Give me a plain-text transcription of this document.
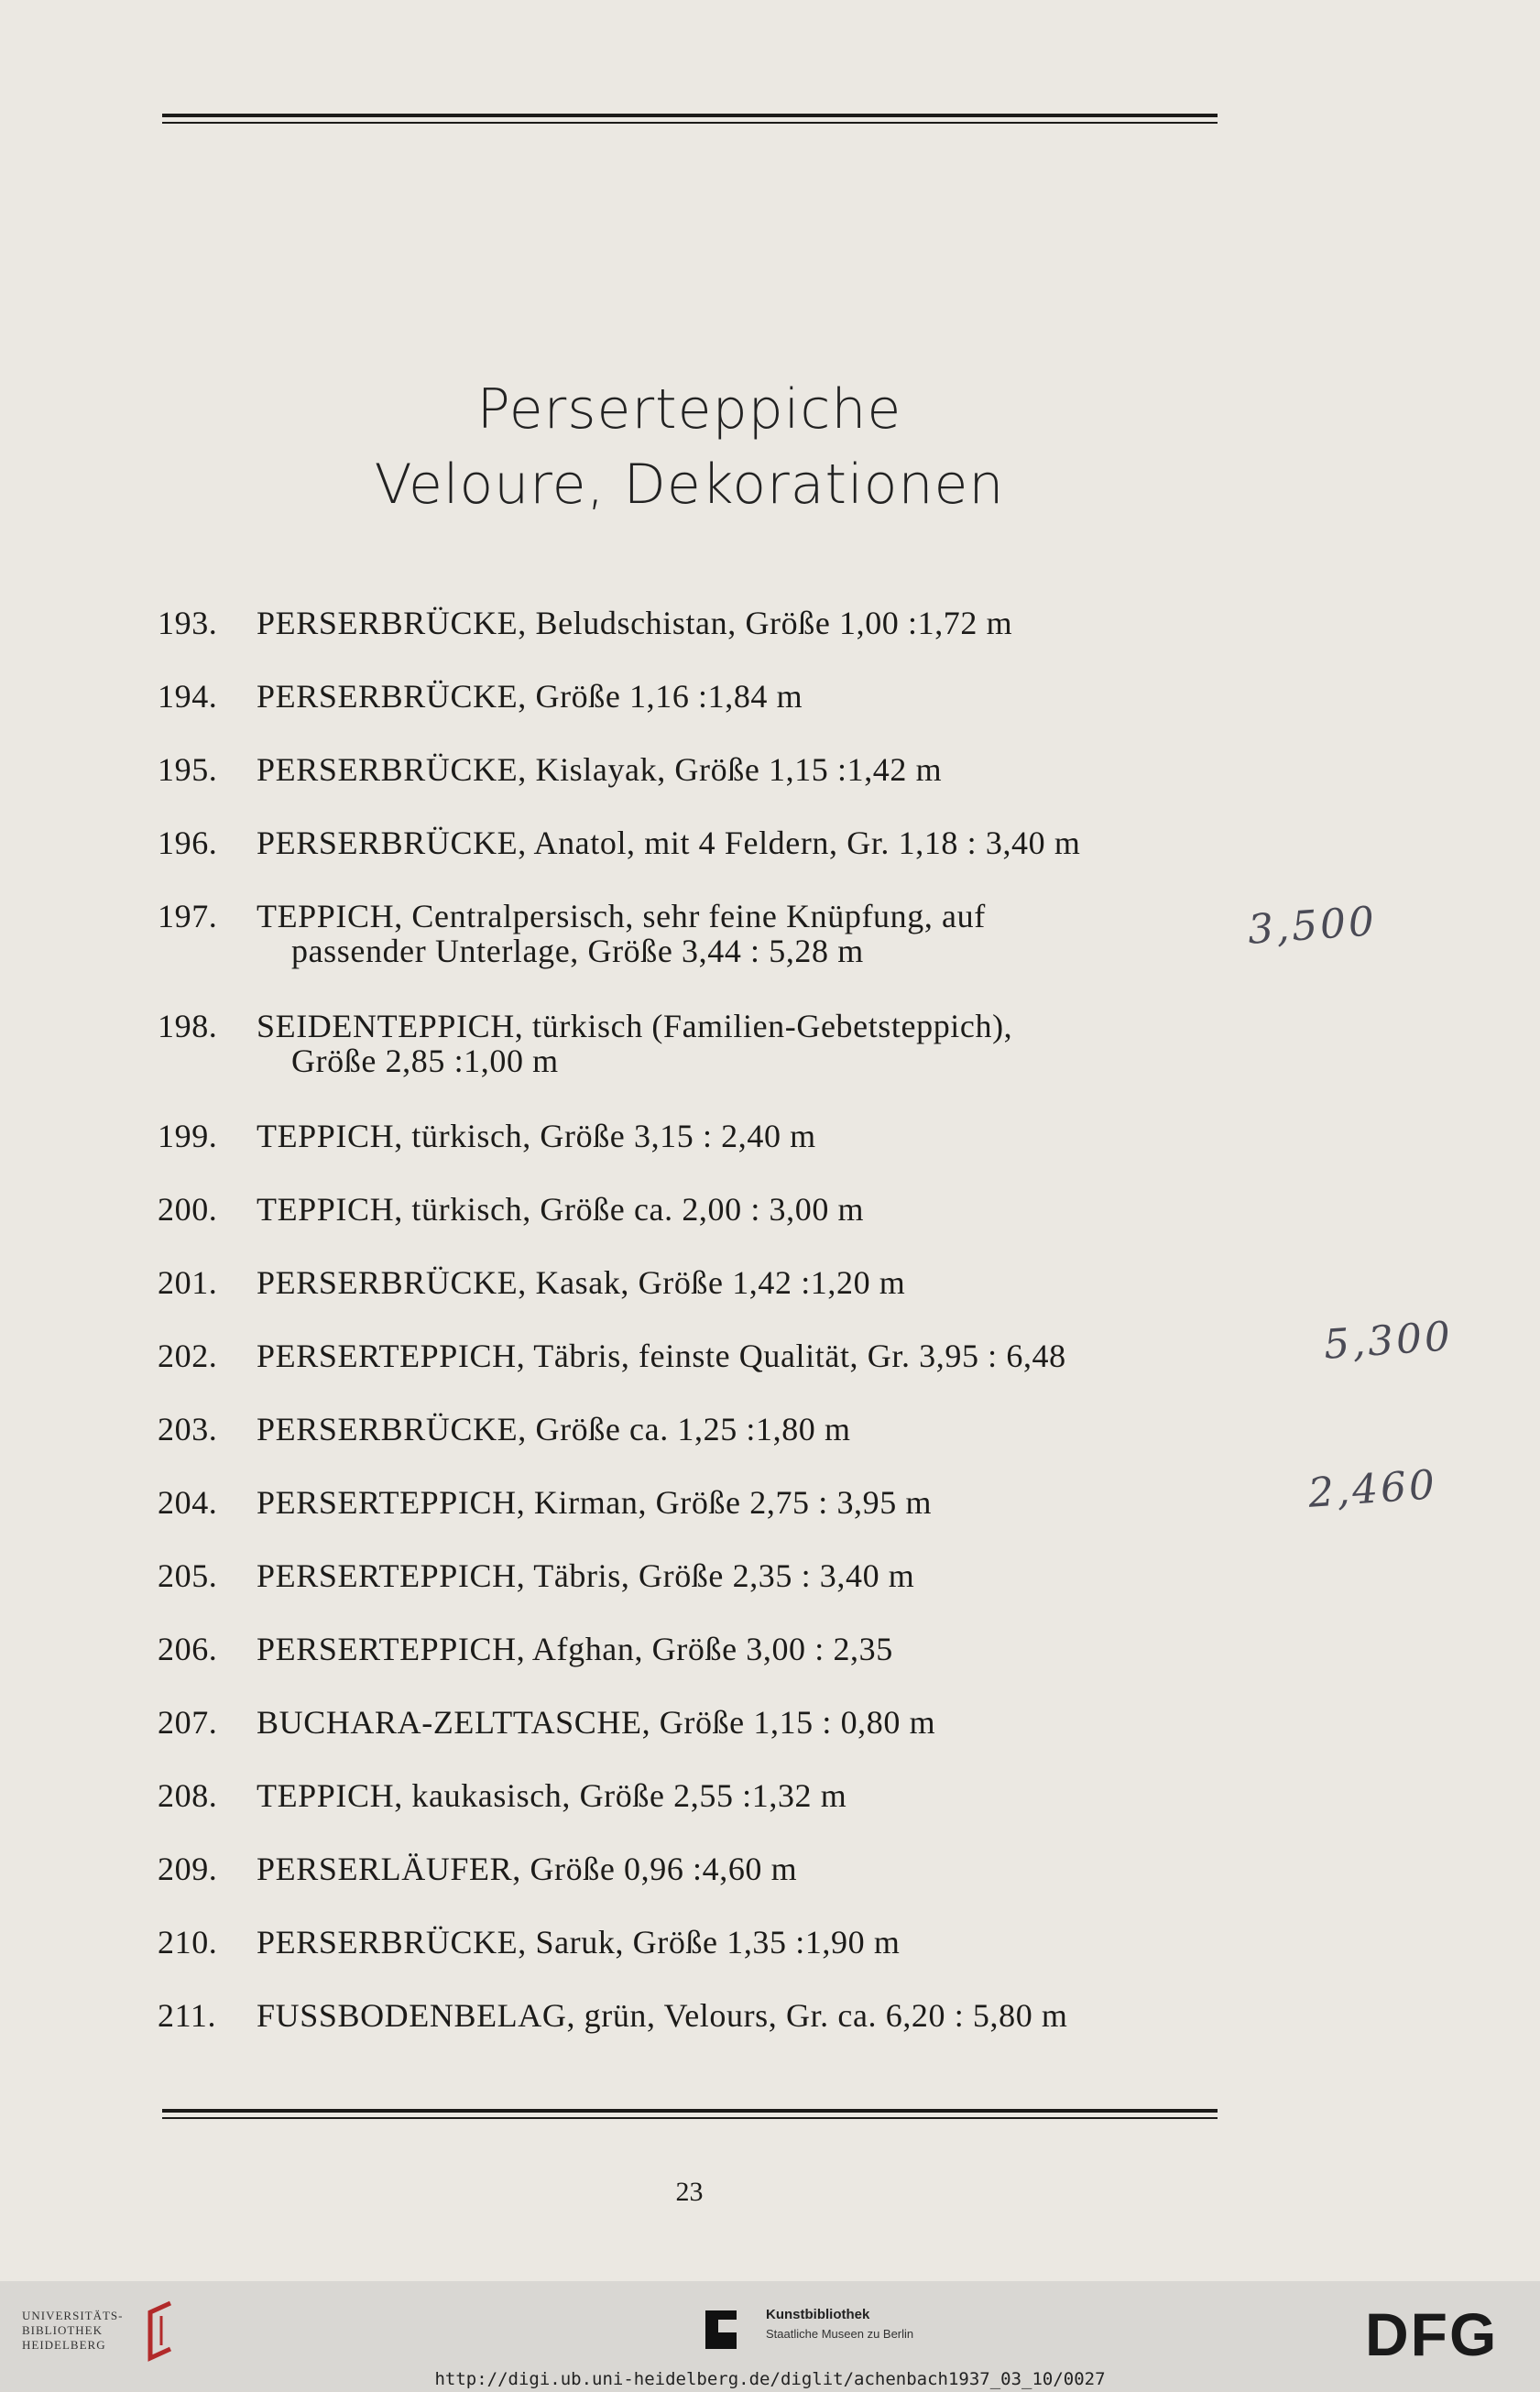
Perserteppiche
Veloure, Dekorationen
193.	PERSERBRÜCKE, Beludschistan, Größe 1,00 :1,72 m
194.	PERSERBRÜCKE, Größe 1,16 :1,84 m
195.	PERSERBRÜCKE, Kislayak, Größe 1,15 :1,42 m
196.	PERSERBRÜCKE, Anatol, mit 4 Feldern, Gr. 1,18 : 3,40 m
197.	TEPPICH, Centralpersisch, sehr feine Knüpfung, auf
passender Unterlage, Größe 3,44 : 5,28 m
198.	SEIDENTEPPICH, türkisch (Familien-Gebetsteppich),
Größe 2,85 :1,00 m
199.	TEPPICH, türkisch, Größe 3,15 : 2,40 m
200.	TEPPICH, türkisch, Größe ca. 2,00 : 3,00 m
201.	PERSERBRÜCKE, Kasak, Größe 1,42 :1,20 m
202.	PERSERTEPPICH, Täbris, feinste Qualität, Gr. 3,95 : 6,48
203.	PERSERBRÜCKE, Größe ca. 1,25 :1,80 m
204.	PERSERTEPPICH, Kirman, Größe 2,75 : 3,95 m
205.	PERSERTEPPICH, Täbris, Größe 2,35 : 3,40 m
206.	PERSERTEPPICH, Afghan, Größe 3,00 : 2,35
207.	BUCHARA-ZELTTASCHE, Größe 1,15 : 0,80 m
208.	TEPPICH, kaukasisch, Größe 2,55 :1,32 m
209.	PERSERLÄUFER, Größe 0,96 :4,60 m
210.	PERSERBRÜCKE, Saruk, Größe 1,35 :1,90 m
211.	FUSSBODENBELAG, grün, Velours, Gr. ca. 6,20 : 5,80 m
3,500
5,300
2,460
23
UNIVERSITÄTS-
BIBLIOTHEK
HEIDELBERG
Kunstbibliothek
Staatliche Museen zu Berlin	DFG
http://digi.ub.uni-heidelberg.de/diglit/achenbach1937_03_10/0027
